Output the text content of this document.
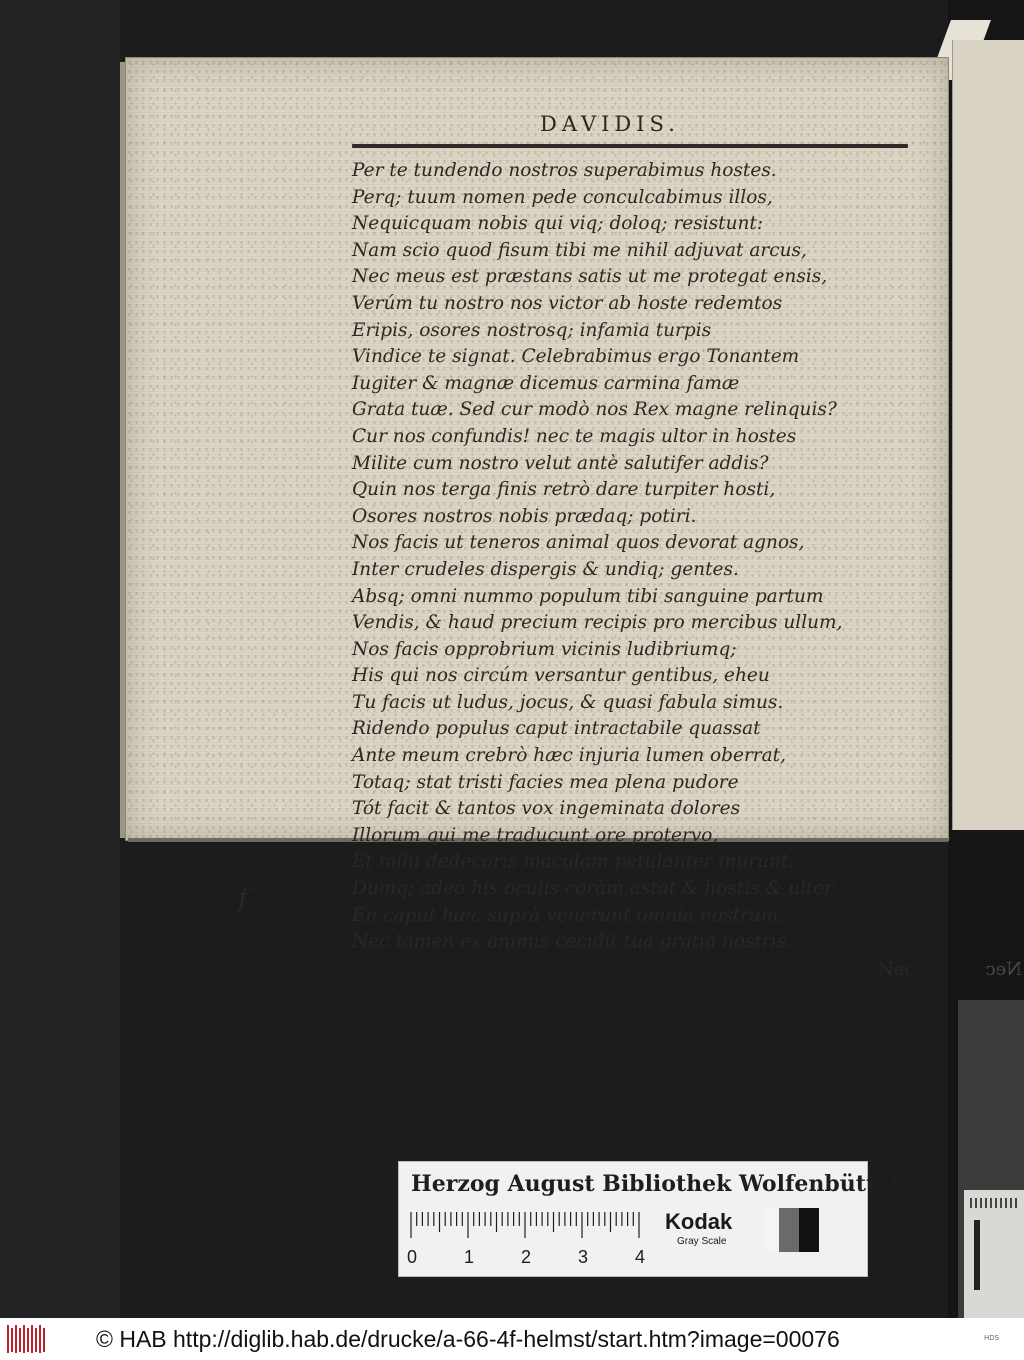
Nec
DAVIDIS.
Per te tundendo nostros superabimus hostes.
Perq; tuum nomen pede conculcabimus illos,
Nequicquam nobis qui viq; doloq; resistunt:
Nam scio quod fisum tibi me nihil adjuvat arcus,
Nec meus est præstans satis ut me protegat ensis,
Verúm tu nostro nos victor ab hoste redemtos
Eripis, osores nostrosq; infamia turpis
Vindice te signat. Celebrabimus ergo Tonantem
Iugiter & magnæ dicemus carmina famæ
Grata tuæ. Sed cur modò nos Rex magne relinquis?
Cur nos confundis! nec te magis ultor in hostes
Milite cum nostro velut antè salutifer addis?
Quin nos terga finis retrò dare turpiter hosti,
Osores nostros nobis prædaq; potiri.
Nos facis ut teneros animal quos devorat agnos,
Inter crudeles dispergis & undiq; gentes.
Absq; omni nummo populum tibi sanguine partum
Vendis, & haud precium recipis pro mercibus ullum,
Nos facis opprobrium vicinis ludibriumq;
His qui nos circúm versantur gentibus, eheu
Tu facis ut ludus, jocus, & quasi fabula simus.
Ridendo populus caput intractabile quassat
Ante meum crebrò hæc injuria lumen oberrat,
Totaq; stat tristi facies mea plena pudore
Tót facit & tantos vox ingeminata dolores
Illorum qui me traducunt ore protervo,
Et mihi dedecoris maculam petulanter inurunt.
Dumq; adeò his oculis coràm astat & hostis & ultor.
En caput hæc suprà venerunt omnia nostrum,
Nec tamen ex animis cecidit tua gratia nostris.
f
Nec
Herzog August Bibliothek Wolfenbüttel
0	1	2	3	4
Kodak
Gray Scale
© HAB http://diglib.hab.de/drucke/a-66-4f-helmst/start.htm?image=00076	HDS
